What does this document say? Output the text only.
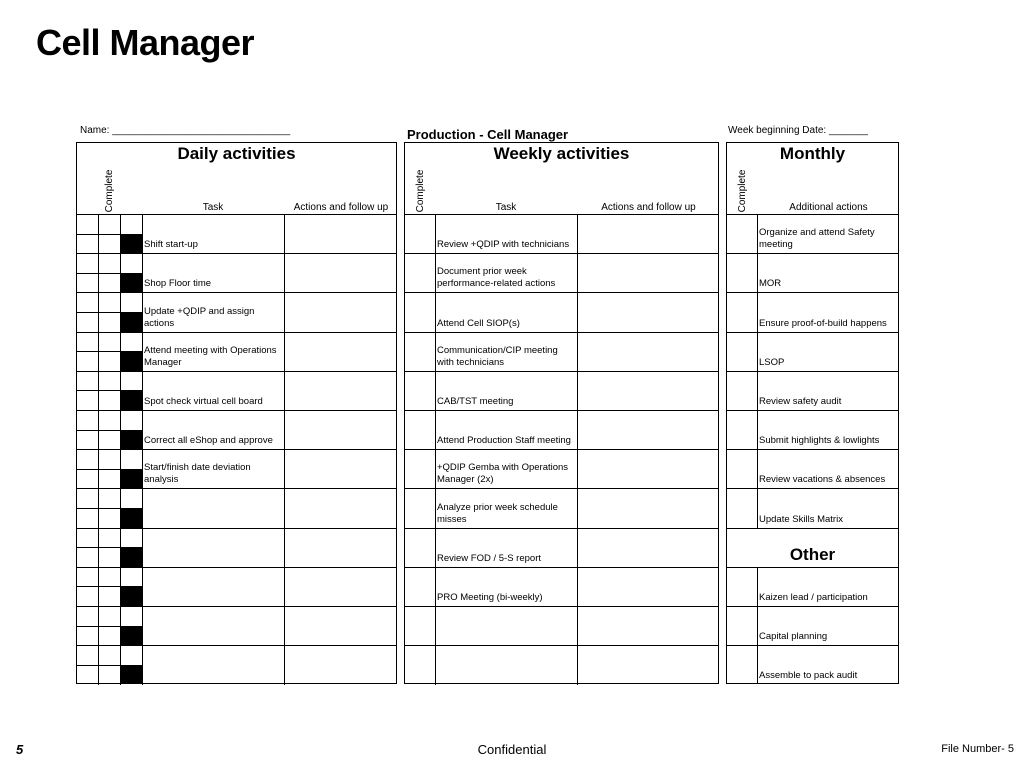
Cell Manager
Name: ________________________________	Production - Cell Manager	Week beginning Date: _______
Daily activities
Complete	Task	Actions and follow up
Shift start-up
Shop Floor time
Update +QDIP and assign actions
Attend meeting with Operations Manager
Spot check virtual cell board
Correct all eShop and approve
Start/finish date deviation analysis
Weekly activities
Complete	Task	Actions and follow up
Review +QDIP with technicians
Document prior week performance-related actions
Attend Cell SIOP(s)
Communication/CIP meeting with technicians
CAB/TST meeting
Attend Production Staff meeting
+QDIP Gemba with Operations Manager (2x)
Analyze prior week schedule misses
Review FOD / 5-S report
PRO Meeting (bi-weekly)
Monthly
Complete	Additional actions
Organize and attend Safety meeting
MOR
Ensure proof-of-build happens
LSOP
Review safety audit
Submit highlights & lowlights
Review vacations & absences
Update Skills Matrix
Other
Kaizen lead / participation
Capital planning
Assemble to pack audit
5	Confidential	File Number- 5
